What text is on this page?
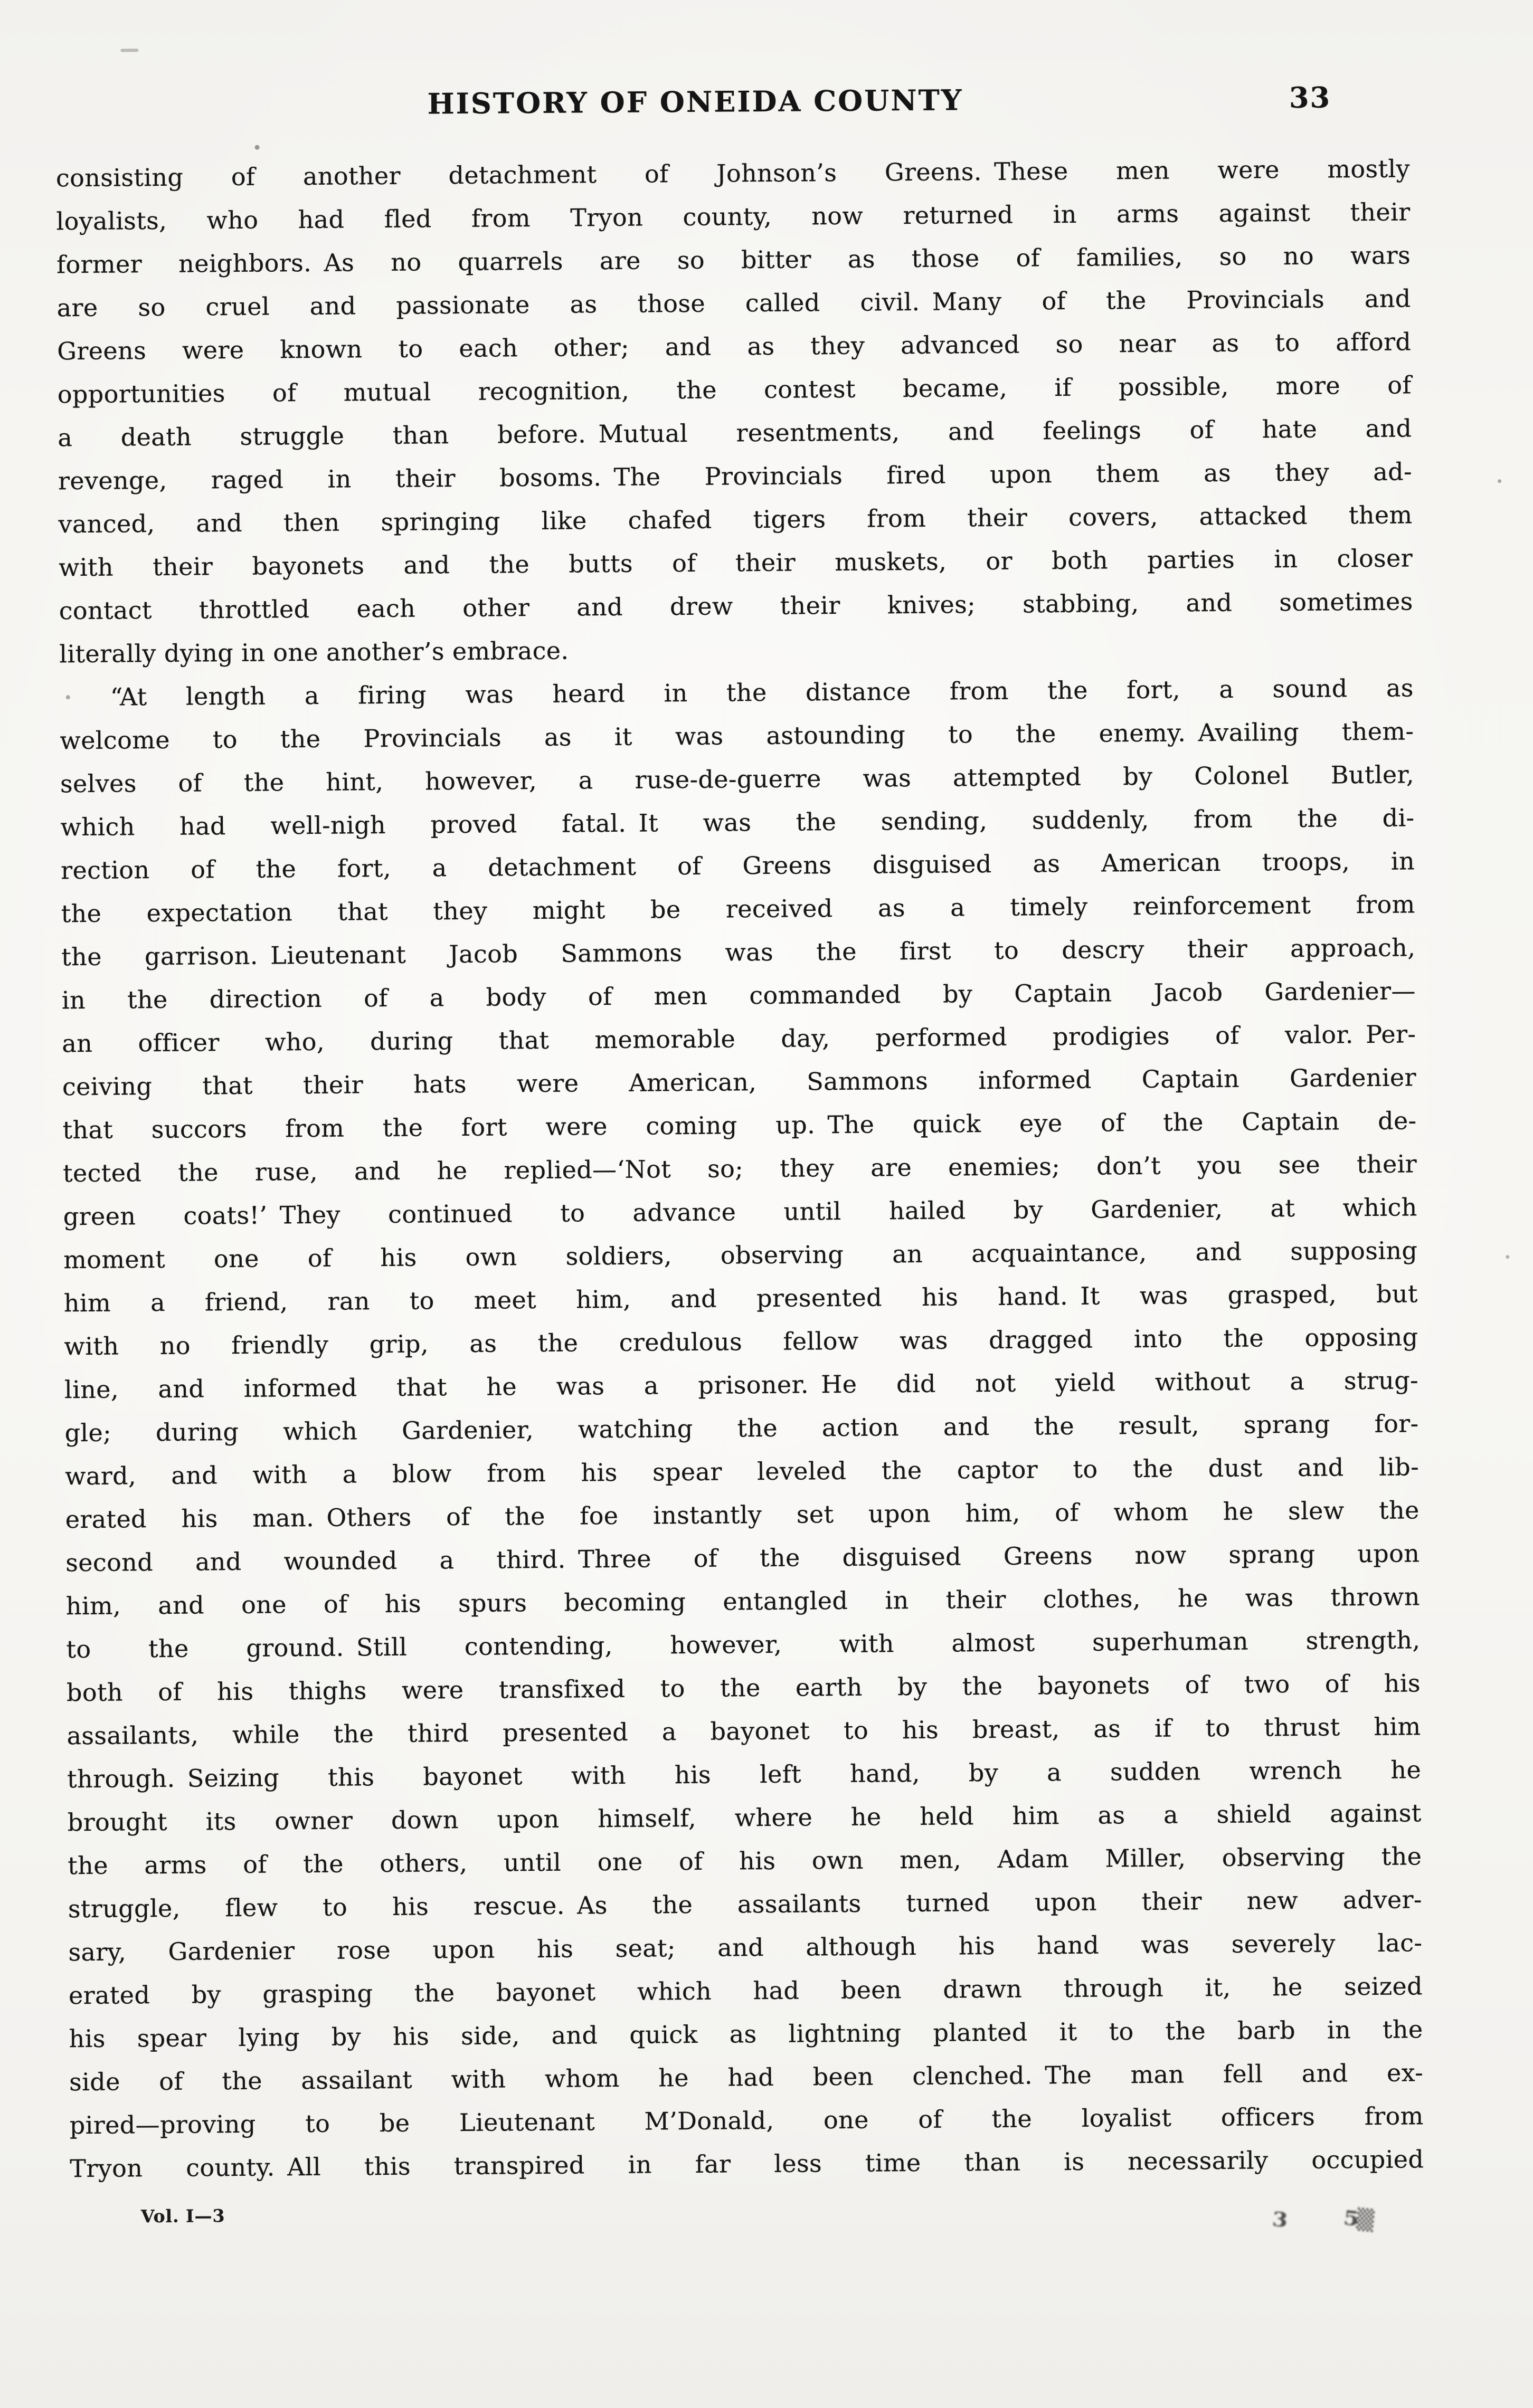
HISTORY OF ONEIDA COUNTY	33
consisting of another detachment of Johnson’s Greens. These men were mostly
loyalists, who had fled from Tryon county, now returned in arms against their
former neighbors. As no quarrels are so bitter as those of families, so no wars
are so cruel and passionate as those called civil. Many of the Provincials and
Greens were known to each other; and as they advanced so near as to afford
opportunities of mutual recognition, the contest became, if possible, more of
a death struggle than before. Mutual resentments, and feelings of hate and
revenge, raged in their bosoms. The Provincials fired upon them as they ad-
vanced, and then springing like chafed tigers from their covers, attacked them
with their bayonets and the butts of their muskets, or both parties in closer
contact throttled each other and drew their knives; stabbing, and sometimes
literally dying in one another’s embrace.
“At length a firing was heard in the distance from the fort, a sound as
welcome to the Provincials as it was astounding to the enemy. Availing them-
selves of the hint, however, a ruse-de-guerre was attempted by Colonel Butler,
which had well-nigh proved fatal. It was the sending, suddenly, from the di-
rection of the fort, a detachment of Greens disguised as American troops, in
the expectation that they might be received as a timely reinforcement from
the garrison. Lieutenant Jacob Sammons was the first to descry their approach,
in the direction of a body of men commanded by Captain Jacob Gardenier—
an officer who, during that memorable day, performed prodigies of valor. Per-
ceiving that their hats were American, Sammons informed Captain Gardenier
that succors from the fort were coming up. The quick eye of the Captain de-
tected the ruse, and he replied—‘Not so; they are enemies; don’t you see their
green coats!’ They continued to advance until hailed by Gardenier, at which
moment one of his own soldiers, observing an acquaintance, and supposing
him a friend, ran to meet him, and presented his hand. It was grasped, but
with no friendly grip, as the credulous fellow was dragged into the opposing
line, and informed that he was a prisoner. He did not yield without a strug-
gle; during which Gardenier, watching the action and the result, sprang for-
ward, and with a blow from his spear leveled the captor to the dust and lib-
erated his man. Others of the foe instantly set upon him, of whom he slew the
second and wounded a third. Three of the disguised Greens now sprang upon
him, and one of his spurs becoming entangled in their clothes, he was thrown
to the ground. Still contending, however, with almost superhuman strength,
both of his thighs were transfixed to the earth by the bayonets of two of his
assailants, while the third presented a bayonet to his breast, as if to thrust him
through. Seizing this bayonet with his left hand, by a sudden wrench he
brought its owner down upon himself, where he held him as a shield against
the arms of the others, until one of his own men, Adam Miller, observing the
struggle, flew to his rescue. As the assailants turned upon their new adver-
sary, Gardenier rose upon his seat; and although his hand was severely lac-
erated by grasping the bayonet which had been drawn through it, he seized
his spear lying by his side, and quick as lightning planted it to the barb in the
side of the assailant with whom he had been clenched. The man fell and ex-
pired—proving to be Lieutenant M’Donald, one of the loyalist officers from
Tryon county. All this transpired in far less time than is necessarily occupied
Vol. I—3	3	5▒
